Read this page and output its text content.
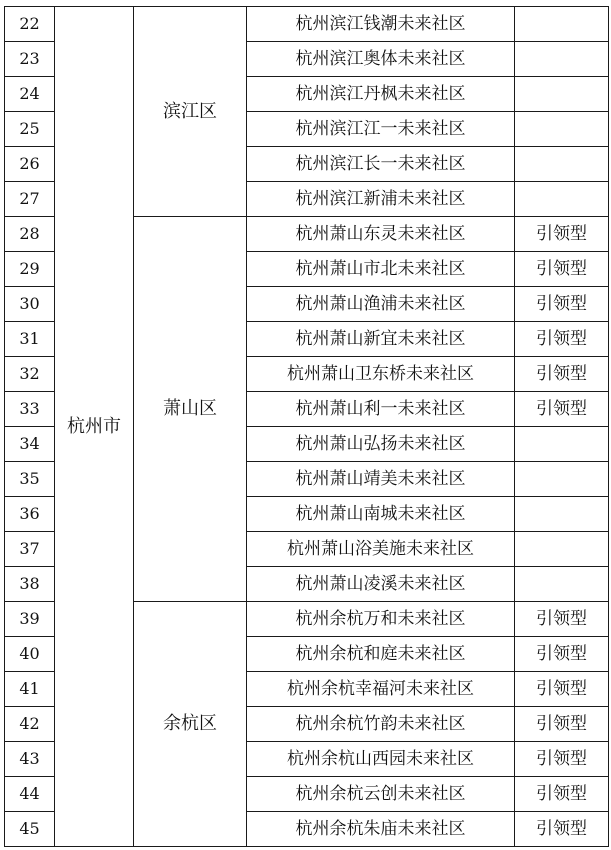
22	杭州市	滨江区	杭州滨江钱潮未来社区	
23			杭州滨江奥体未来社区	
24			杭州滨江丹枫未来社区	
25			杭州滨江江一未来社区	
26			杭州滨江长一未来社区	
27			杭州滨江新浦未来社区	
28		萧山区	杭州萧山东灵未来社区	引领型
29			杭州萧山市北未来社区	引领型
30			杭州萧山渔浦未来社区	引领型
31			杭州萧山新宜未来社区	引领型
32			杭州萧山卫东桥未来社区	引领型
33			杭州萧山利一未来社区	引领型
34			杭州萧山弘扬未来社区	
35			杭州萧山靖美未来社区	
36			杭州萧山南城未来社区	
37			杭州萧山浴美施未来社区	
38			杭州萧山凌溪未来社区	
39		余杭区	杭州余杭万和未来社区	引领型
40			杭州余杭和庭未来社区	引领型
41			杭州余杭幸福河未来社区	引领型
42			杭州余杭竹韵未来社区	引领型
43			杭州余杭山西园未来社区	引领型
44			杭州余杭云创未来社区	引领型
45			杭州余杭朱庙未来社区	引领型
